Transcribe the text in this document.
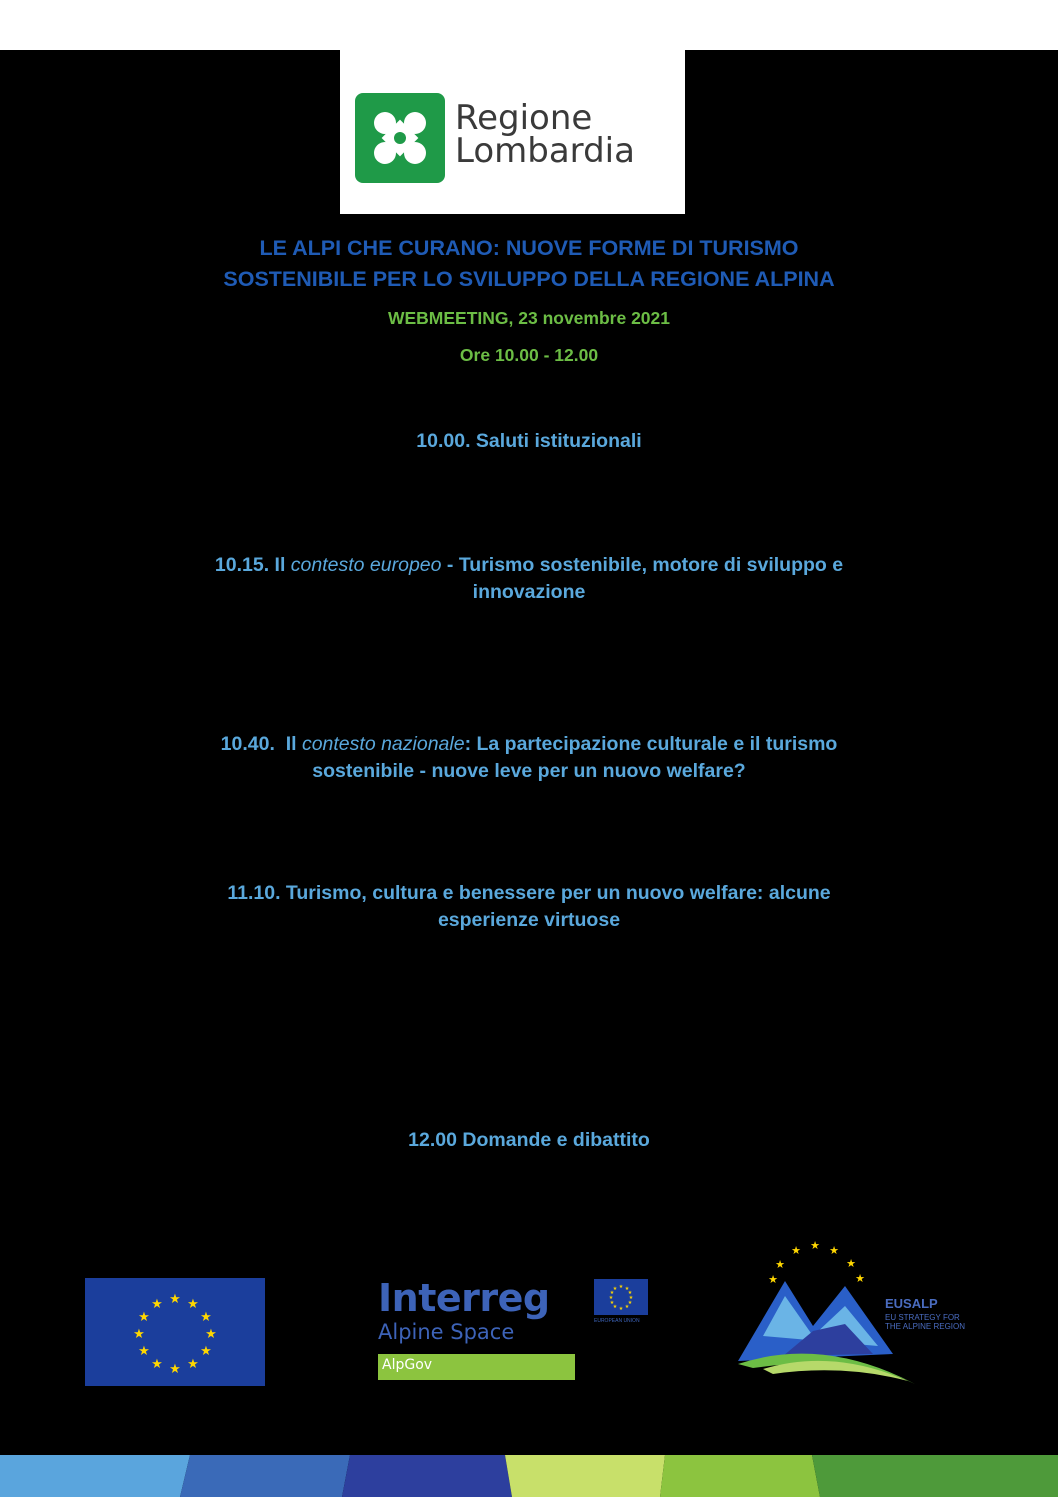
Regione
Lombardia
LE ALPI CHE CURANO: NUOVE FORME DI TURISMO
SOSTENIBILE PER LO SVILUPPO DELLA REGIONE ALPINA
WEBMEETING, 23 novembre 2021
Ore 10.00 - 12.00
10.00. Saluti istituzionali
10.15. Il contesto europeo - Turismo sostenibile, motore di sviluppo e
innovazione
10.40.  Il contesto nazionale: La partecipazione culturale e il turismo
sostenibile - nuove leve per un nuovo welfare?
11.10. Turismo, cultura e benessere per un nuovo welfare: alcune
esperienze virtuose
12.00 Domande e dibattito
★ ★
★
★
★
★
★
★
★
★
★
★	Interreg
Alpine Space
AlpGov
★ ★
★
★
★
★
★
★
★
★
★
★
EUROPEAN UNION
★
★
★ ★ ★
★
★
EUSALP
EU STRATEGY FOR
THE ALPINE REGION
